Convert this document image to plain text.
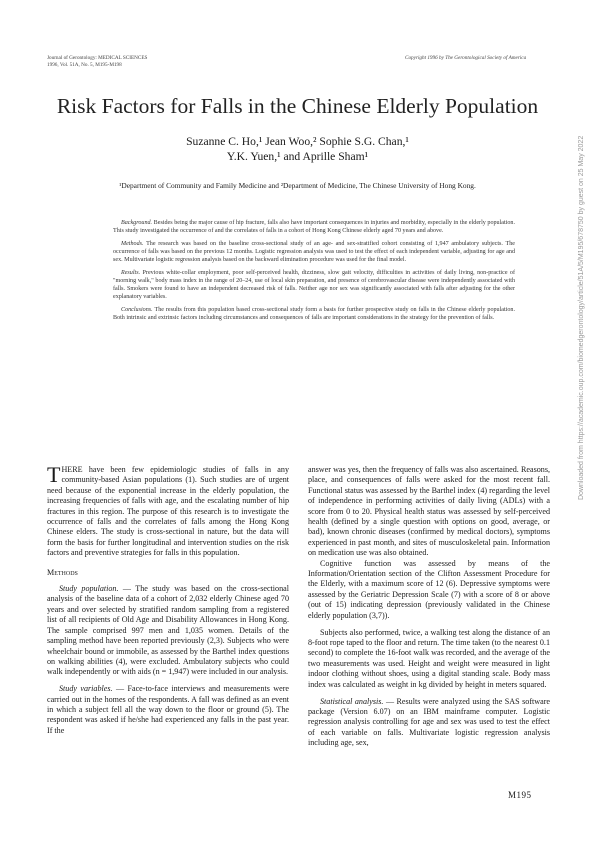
Journal of Gerontology: MEDICAL SCIENCES
1996, Vol. 51A, No. 5, M195-M198
Copyright 1996 by The Gerontological Society of America
Risk Factors for Falls in the Chinese Elderly Population
Suzanne C. Ho,¹ Jean Woo,² Sophie S.G. Chan,¹
Y.K. Yuen,¹ and Aprille Sham¹
¹Department of Community and Family Medicine and ²Department of Medicine, The Chinese University of Hong Kong.

Background. Besides being the major cause of hip fracture, falls also have important consequences in injuries and morbidity, especially in the elderly population. This study investigated the occurrence of and the correlates of falls in a cohort of Hong Kong Chinese elderly aged 70 years and above.

Methods. The research was based on the baseline cross-sectional study of an age- and sex-stratified cohort consisting of 1,947 ambulatory subjects. The occurrence of falls was based on the previous 12 months. Logistic regression analysis was used to test the effect of each independent variable, adjusting for age and sex. Multivariate logistic regression analysis based on the backward elimination procedure was used for the final model.

Results. Previous white-collar employment, poor self-perceived health, dizziness, slow gait velocity, difficulties in activities of daily living, non-practice of "morning walk," body mass index in the range of 20–24, use of local skin preparation, and presence of cerebrovascular disease were independently associated with falls. Smokers were found to have an independent decreased risk of falls. Neither age nor sex was significantly associated with falls after adjusting for the other explanatory variables.

Conclusions. The results from this population based cross-sectional study form a basis for further prospective study on falls in the Chinese elderly population. Both intrinsic and extrinsic factors including circumstances and consequences of falls are important considerations in the strategy for the prevention of falls.	Downloaded from https://academic.oup.com/biomedgerontology/article/51A/5/M195/678750 by guest on 25 May 2022

THERE have been few epidemiologic studies of falls in any community-based Asian populations (1). Such studies are of urgent need because of the exponential increase in the elderly population, the increasing frequencies of falls with age, and the escalating number of hip fractures in this region. The purpose of this research is to investigate the occurrence of falls and the correlates of falls among the Hong Kong Chinese elders. The study is cross-sectional in nature, but the data will form the basis for further longitudinal and intervention studies on the risk factors and preventive strategies for falls in this population.

Methods

Study population. — The study was based on the cross-sectional analysis of the baseline data of a cohort of 2,032 elderly Chinese aged 70 years and over selected by stratified random sampling from a registered list of all recipients of Old Age and Disability Allowances in Hong Kong. The sample comprised 997 men and 1,035 women. Details of the sampling method have been reported previously (2,3). Subjects who were wheelchair bound or immobile, as assessed by the Barthel index questions on walking abilities (4), were excluded. Ambulatory subjects who could walk independently or with aids (n = 1,947) were included in our analysis.

Study variables. — Face-to-face interviews and measurements were carried out in the homes of the respondents. A fall was defined as an event in which a subject fell all the way down to the floor or ground (5). The respondent was asked if he/she had experienced any falls in the past year. If the

answer was yes, then the frequency of falls was also ascertained. Reasons, place, and consequences of falls were asked for the most recent fall. Functional status was assessed by the Barthel index (4) regarding the level of independence in performing activities of daily living (ADLs) with a score from 0 to 20. Physical health status was assessed by self-perceived health (defined by a single question with options on good, average, or bad), known chronic diseases (confirmed by medical doctors), symptoms experienced in past month, and sites of musculoskeletal pain. Information on medication use was also obtained.

Cognitive function was assessed by means of the Information/Orientation section of the Clifton Assessment Procedure for the Elderly, with a maximum score of 12 (6). Depressive symptoms were assessed by the Geriatric Depression Scale (7) with a score of 8 or above (out of 15) indicating depression (previously validated in the Chinese elderly population (3,7)).

Subjects also performed, twice, a walking test along the distance of an 8-foot rope taped to the floor and return. The time taken (to the nearest 0.1 second) to complete the 16-foot walk was recorded, and the average of the two measurements was used. Height and weight were measured in light indoor clothing without shoes, using a digital standing scale. Body mass index was calculated as weight in kg divided by height in meters squared.

Statistical analysis. — Results were analyzed using the SAS software package (Version 6.07) on an IBM mainframe computer. Logistic regression analysis controlling for age and sex was used to test the effect of each variable on falls. Multivariate logistic regression analysis including age, sex,

M195
